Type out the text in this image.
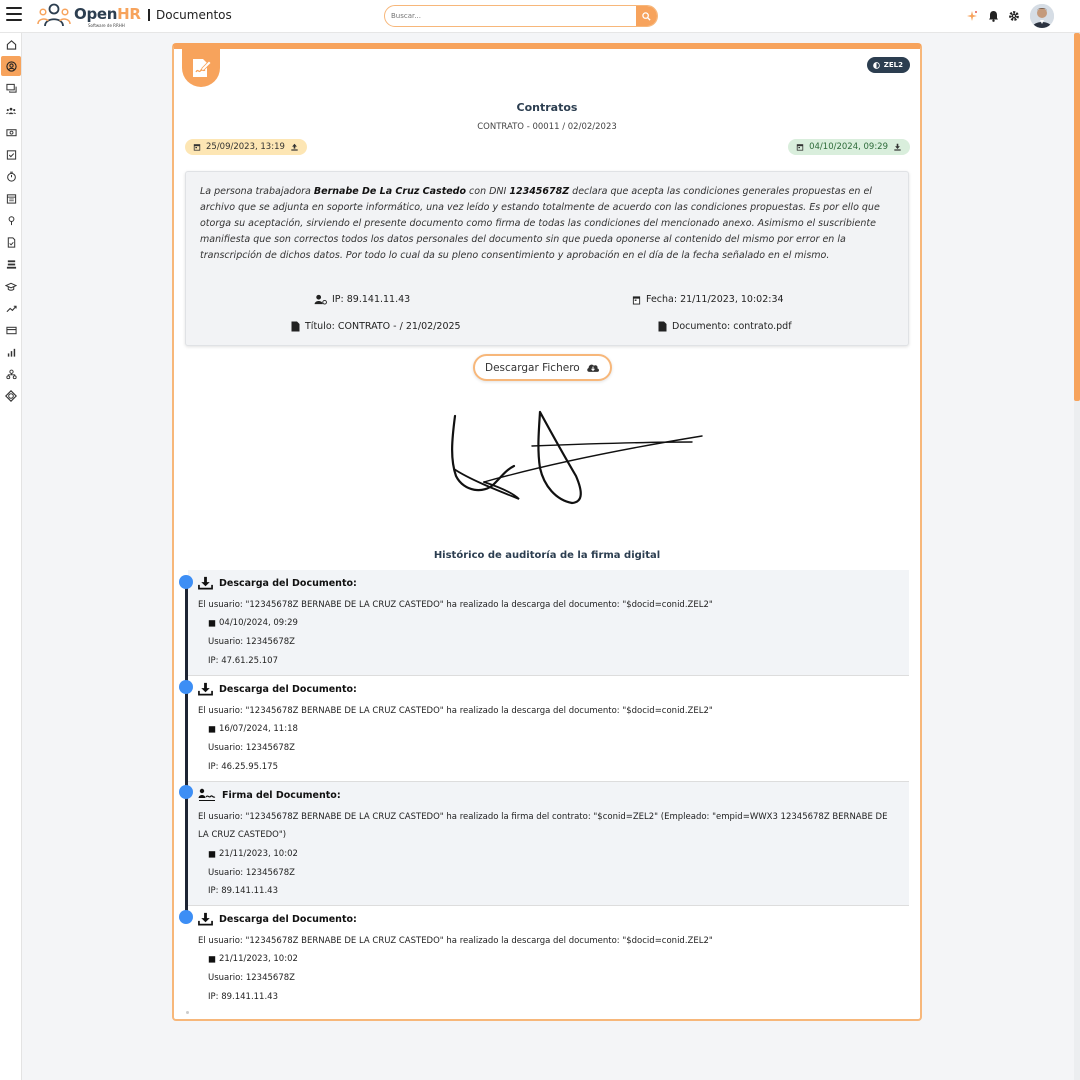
OpenHR
Software de RRHH
Documentos
Buscar...
ZEL2
Contratos
CONTRATO - 00011 / 02/02/2023
25/09/2023, 13:19	04/10/2024, 09:29

La persona trabajadora Bernabe De La Cruz Castedo con DNI 12345678Z declara que acepta las condiciones generales propuestas en el archivo que se adjunta en soporte informático, una vez leído y estando totalmente de acuerdo con las condiciones propuestas. Es por ello que otorga su aceptación, sirviendo el presente documento como firma de todas las condiciones del mencionado anexo. Asimismo el suscribiente manifiesta que son correctos todos los datos personales del documento sin que pueda oponerse al contenido del mismo por error en la transcripción de dichos datos. Por todo lo cual da su pleno consentimiento y aprobación en el día de la fecha señalado en el mismo.

IP: 89.141.11.43	Fecha: 21/11/2023, 10:02:34
Título: CONTRATO - / 21/02/2025	Documento: contrato.pdf
Descargar Fichero
Histórico de auditoría de la firma digital
Descarga del Documento:
El usuario: "12345678Z BERNABE DE LA CRUZ CASTEDO" ha realizado la descarga del documento: "$docid=conid.ZEL2"
04/10/2024, 09:29
Usuario: 12345678Z
IP: 47.61.25.107
Descarga del Documento:
El usuario: "12345678Z BERNABE DE LA CRUZ CASTEDO" ha realizado la descarga del documento: "$docid=conid.ZEL2"
16/07/2024, 11:18
Usuario: 12345678Z
IP: 46.25.95.175
Firma del Documento:
El usuario: "12345678Z BERNABE DE LA CRUZ CASTEDO" ha realizado la firma del contrato: "$conid=ZEL2" (Empleado: "empid=WWX3 12345678Z BERNABE DE LA CRUZ CASTEDO")
21/11/2023, 10:02
Usuario: 12345678Z
IP: 89.141.11.43
Descarga del Documento:
El usuario: "12345678Z BERNABE DE LA CRUZ CASTEDO" ha realizado la descarga del documento: "$docid=conid.ZEL2"
21/11/2023, 10:02
Usuario: 12345678Z
IP: 89.141.11.43
